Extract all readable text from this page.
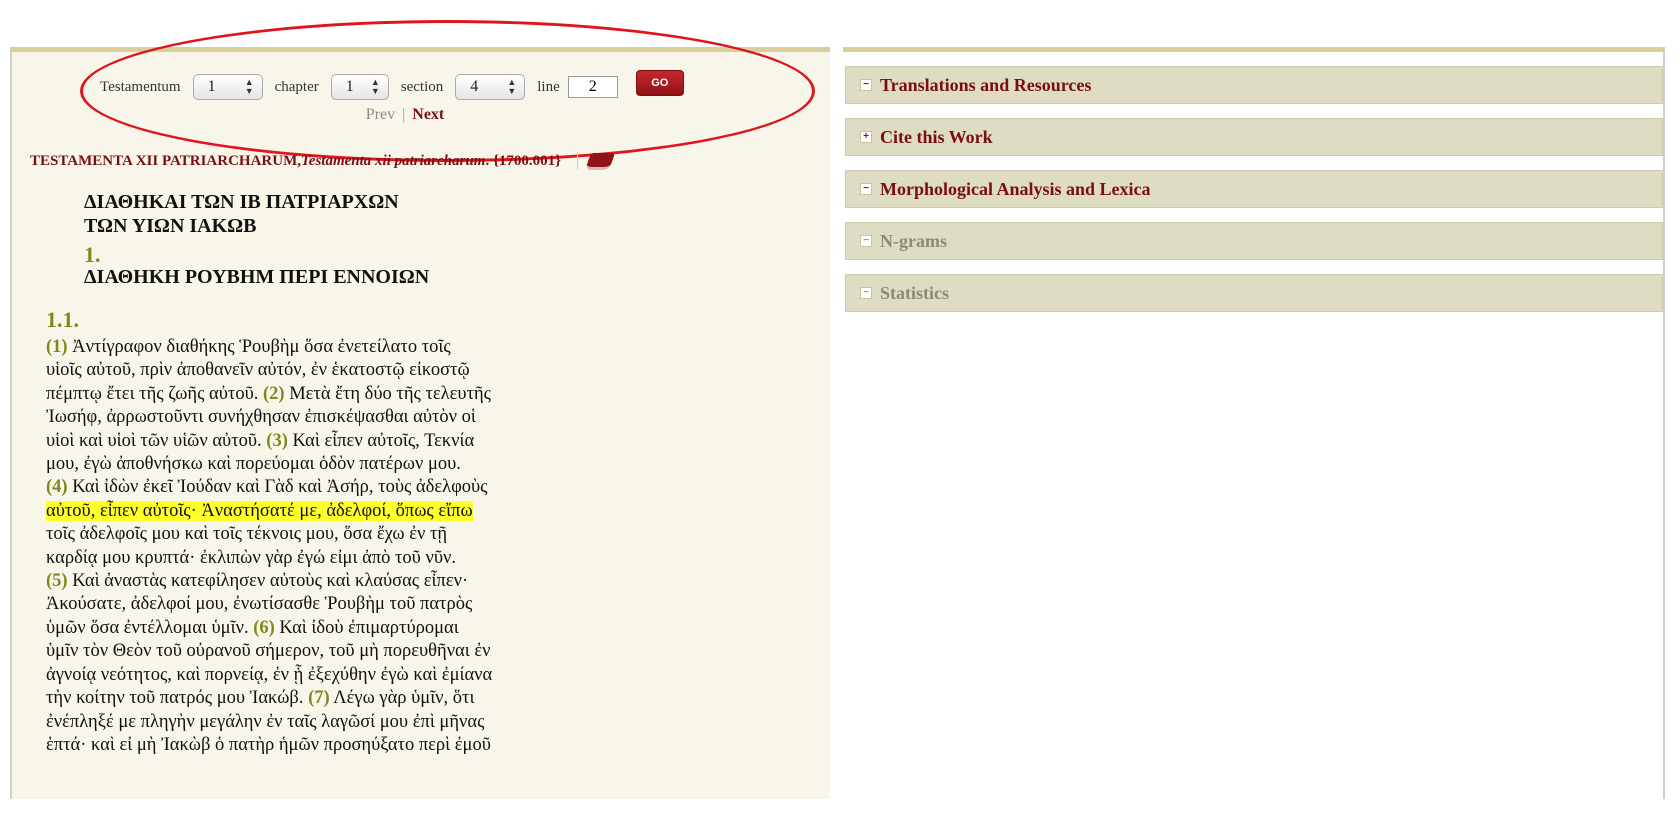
Testamentum 1	▲
▼ chapter 1 ▲
▼ section 4	▲
▼ line
2	GO
Prev | Next
TESTAMENTA XII PATRIARCHARUM, Testamenta xii patriarcharum . {1700.001}
ΔΙΑΘΗΚΑΙ ΤΩΝ ΙΒ ΠΑΤΡΙΑΡΧΩΝ
ΤΩΝ ΥΙΩΝ ΙΑΚΩΒ
1.
ΔΙΑΘΗΚΗ ΡΟΥΒΗΜ ΠΕΡΙ ΕΝΝΟΙΩΝ
1.1.
(1) Ἀντίγραφον διαθήκης Ῥουβὴμ ὅσα ἐνετείλατο τοῖς
υἱοῖς αὐτοῦ, πρὶν ἀποθανεῖν αὐτόν, ἐν ἑκατοστῷ εἰκοστῷ
πέμπτῳ ἔτει τῆς ζωῆς αὐτοῦ. (2) Μετὰ ἔτη δύο τῆς τελευτῆς
Ἰωσήφ, ἀρρωστοῦντι συνήχθησαν ἐπισκέψασθαι αὐτὸν οἱ
υἱοὶ καὶ υἱοὶ τῶν υἱῶν αὐτοῦ. (3) Καὶ εἶπεν αὐτοῖς, Τεκνία
μου, ἐγὼ ἀποθνήσκω καὶ πορεύομαι ὁδὸν πατέρων μου.
(4) Καὶ ἰδὼν ἐκεῖ Ἰούδαν καὶ Γὰδ καὶ Ἀσήρ, τοὺς ἀδελφοὺς
αὐτοῦ, εἶπεν αὐτοῖς· Ἀναστήσατέ με, ἀδελφοί, ὅπως εἴπω
τοῖς ἀδελφοῖς μου καὶ τοῖς τέκνοις μου, ὅσα ἔχω ἐν τῇ
καρδίᾳ μου κρυπτά· ἐκλιπὼν γὰρ ἐγώ εἰμι ἀπὸ τοῦ νῦν.
(5) Καὶ ἀναστὰς κατεφίλησεν αὐτοὺς καὶ κλαύσας εἶπεν·
Ἀκούσατε, ἀδελφοί μου, ἐνωτίσασθε Ῥουβὴμ τοῦ πατρὸς
ὑμῶν ὅσα ἐντέλλομαι ὑμῖν. (6) Καὶ ἰδοὺ ἐπιμαρτύρομαι
ὑμῖν τὸν Θεὸν τοῦ οὐρανοῦ σήμερον, τοῦ μὴ πορευθῆναι ἐν
ἀγνοίᾳ νεότητος, καὶ πορνείᾳ, ἐν ᾗ ἐξεχύθην ἐγὼ καὶ ἐμίανα
τὴν κοίτην τοῦ πατρός μου Ἰακώβ. (7) Λέγω γὰρ ὑμῖν, ὅτι
ἐνέπληξέ με πληγὴν μεγάλην ἐν ταῖς λαγῶσί μου ἐπὶ μῆνας
ἑπτά· καὶ εἰ μὴ Ἰακὼβ ὁ πατὴρ ἡμῶν προσηύξατο περὶ ἐμοῦ
− Translations and Resources
+ Cite this Work
− Morphological Analysis and Lexica
− N-grams
− Statistics
